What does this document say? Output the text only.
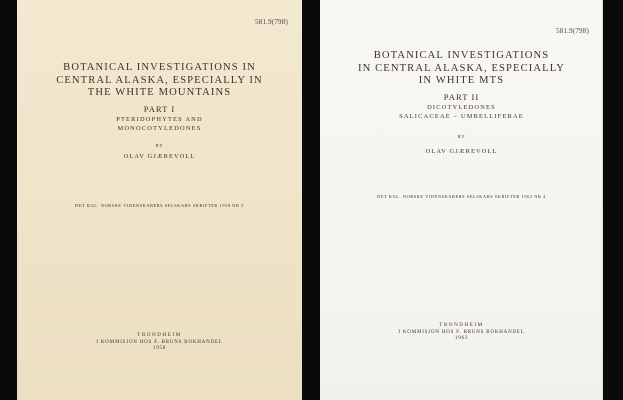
581.9(798)
BOTANICAL INVESTIGATIONS IN
CENTRAL ALASKA, ESPECIALLY IN
THE WHITE MOUNTAINS
PART I
PTERIDOPHYTES AND
MONOCOTYLEDONES
BY
OLAV GJÆREVOLL
DET KGL. NORSKE VIDENSKABERS SELSKABS SKRIFTER 1958 NR 5
TRONDHEIM
I KOMMISJON HOS F. BRUNS BOKHANDEL
1958
581.9(798)
BOTANICAL INVESTIGATIONS
IN CENTRAL ALASKA, ESPECIALLY
IN WHITE MTS
PART II
DICOTYLEDONES
SALICACEAE – UMBELLIFERAE
BY
OLAV GJÆREVOLL
DET KGL. NORSKE VIDENSKABERS SELSKABS SKRIFTER 1963 NR 4
TRONDHEIM
I KOMMISJON HOS F. BRUNS BOKHANDEL
1963
